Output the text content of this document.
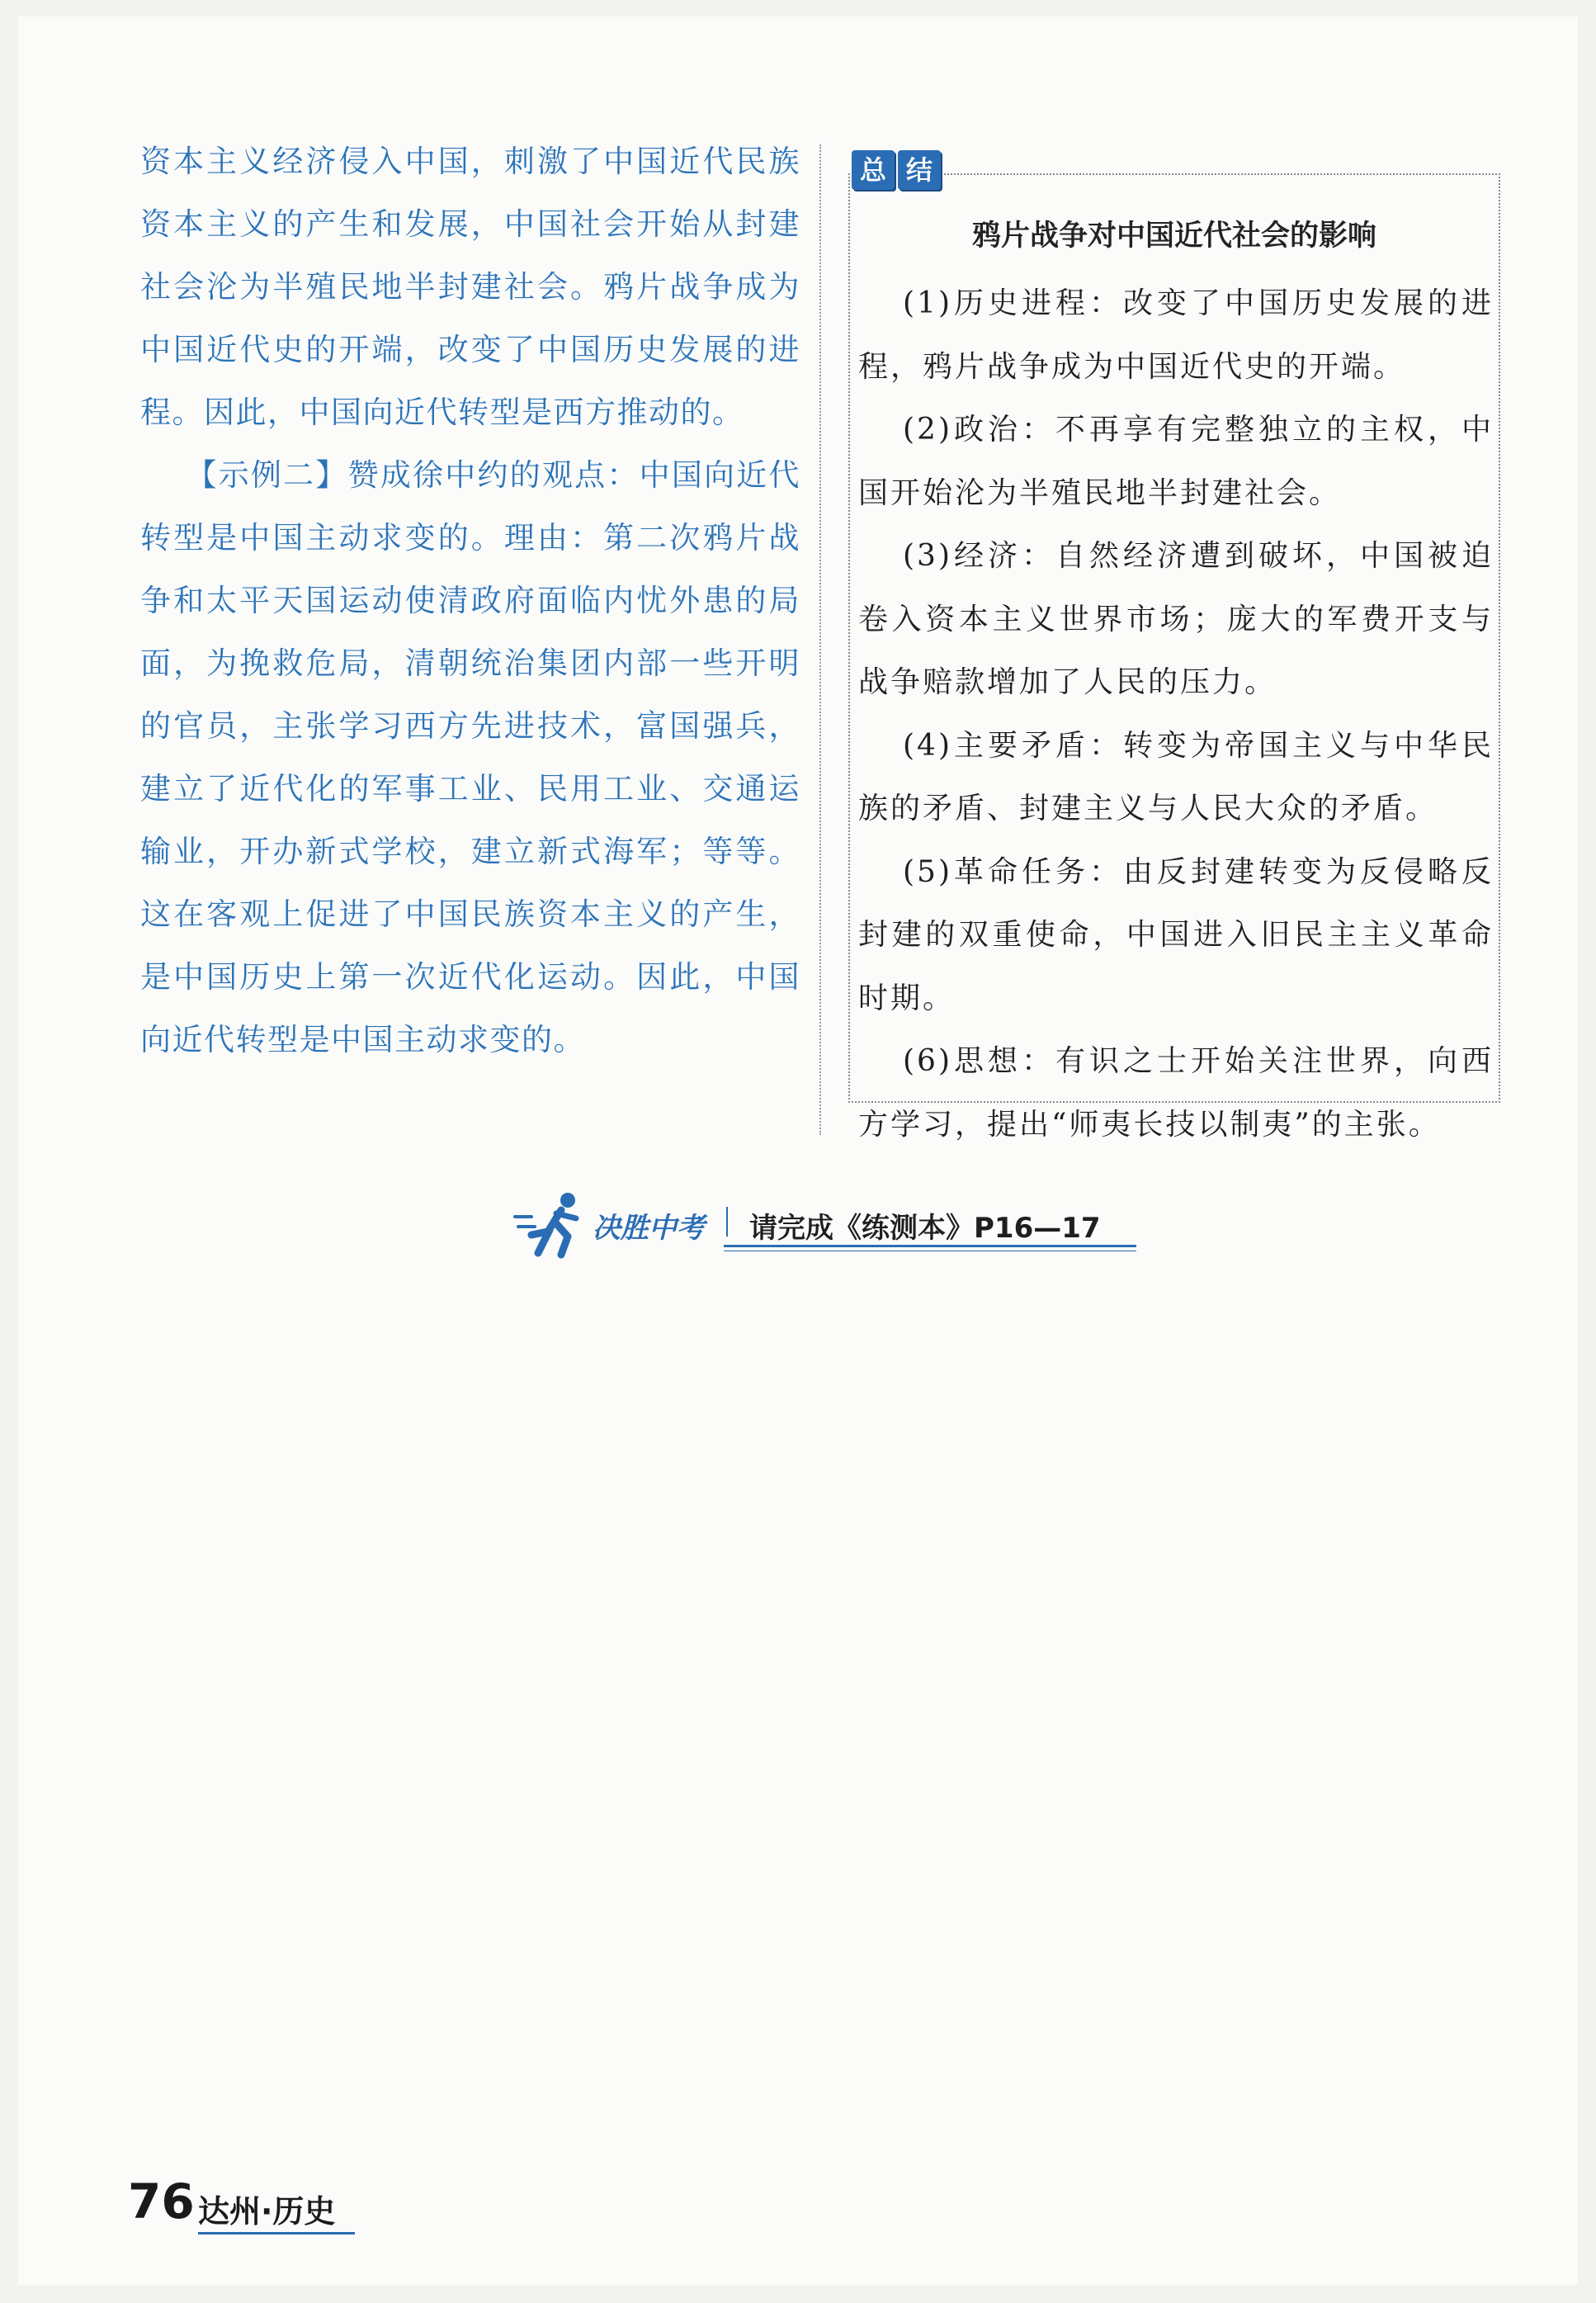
资本主义经济侵入中国，刺激了中国近代民族资本主义的产生和发展，中国社会开始从封建社会沦为半殖民地半封建社会。鸦片战争成为中国近代史的开端，改变了中国历史发展的进程。因此，中国向近代转型是西方推动的。

【示例二】赞成徐中约的观点：中国向近代转型是中国主动求变的。理由：第二次鸦片战争和太平天国运动使清政府面临内忧外患的局面，为挽救危局，清朝统治集团内部一些开明的官员，主张学习西方先进技术，富国强兵，建立了近代化的军事工业、民用工业、交通运输业，开办新式学校，建立新式海军；等等。这在客观上促进了中国民族资本主义的产生，是中国历史上第一次近代化运动。因此，中国向近代转型是中国主动求变的。

总 结
鸦片战争对中国近代社会的影响

(1)历史进程：改变了中国历史发展的进程，鸦片战争成为中国近代史的开端。

(2)政治：不再享有完整独立的主权，中国开始沦为半殖民地半封建社会。

(3)经济：自然经济遭到破坏，中国被迫卷入资本主义世界市场；庞大的军费开支与战争赔款增加了人民的压力。

(4)主要矛盾：转变为帝国主义与中华民族的矛盾、封建主义与人民大众的矛盾。

(5)革命任务：由反封建转变为反侵略反封建的双重使命，中国进入旧民主主义革命时期。

(6)思想：有识之士开始关注世界，向西方学习，提出“师夷长技以制夷”的主张。

决胜中考 请完成《练测本》P16—17
76 达州·历史
